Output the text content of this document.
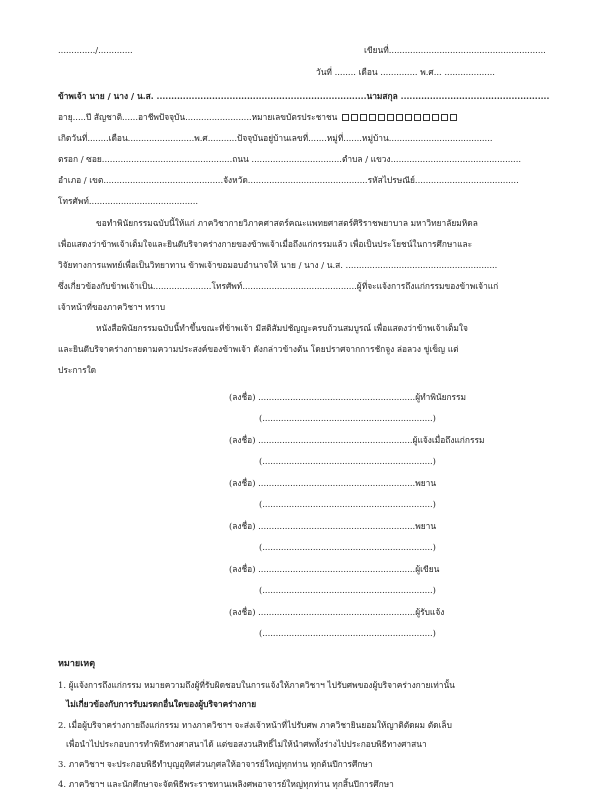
............../.............	เขียนที่...........................................................
วันที่ ........ เดือน .............. พ.ศ... ...................
ข้าพเจ้า นาย / นาง / น.ส. ........................................................................นามสกุล ...................................................
อายุ.....ปี สัญชาติ......อาชีพปัจจุบัน.........................หมายเลขบัตรประชาชน
เกิดวันที่........เดือน.........................พ.ศ...........ปัจจุบันอยู่บ้านเลขที่.......หมู่ที่.......หมู่บ้าน.......................................
ตรอก / ซอย.................................................ถนน ..................................ตำบล / แขวง.................................................
อำเภอ / เขต.............................................จังหวัด.............................................รหัสไปรษณีย์.......................................
โทรศัพท์.........................................
ขอทำพินัยกรรมฉบับนี้ให้แก่ ภาควิชากายวิภาคศาสตร์คณะแพทยศาสตร์ศิริราชพยาบาล มหาวิทยาลัยมหิดล
เพื่อแสดงว่าข้าพเจ้าเต็มใจและยินดีบริจาคร่างกายของข้าพเจ้าเมื่อถึงแก่กรรมแล้ว เพื่อเป็นประโยชน์ในการศึกษาและ
วิจัยทางการแพทย์เพื่อเป็นวิทยาทาน ข้าพเจ้าขอมอบอำนาจให้ นาย / นาง / น.ส. .........................................................
ซึ่งเกี่ยวข้องกับข้าพเจ้าเป็น......................โทรศัพท์...........................................ผู้ที่จะแจ้งการถึงแก่กรรมของข้าพเจ้าแก่
เจ้าหน้าที่ของภาควิชาฯ ทราบ
หนังสือพินัยกรรมฉบับนี้ทำขึ้นขณะที่ข้าพเจ้า มีสติสัมปชัญญะครบถ้วนสมบูรณ์ เพื่อแสดงว่าข้าพเจ้าเต็มใจ
และยินดีบริจาคร่างกายตามความประสงค์ของข้าพเจ้า ดังกล่าวข้างต้น โดยปราศจากการชักจูง ล่อลวง ขู่เข็ญ แต่
ประการใด
(ลงชื่อ) ...........................................................ผู้ทำพินัยกรรม
(................................................................)
(ลงชื่อ) ..........................................................ผู้แจ้งเมื่อถึงแก่กรรม
(................................................................)
(ลงชื่อ) ...........................................................พยาน
(................................................................)
(ลงชื่อ) ...........................................................พยาน
(................................................................)
(ลงชื่อ) ...........................................................ผู้เขียน
(................................................................)
(ลงชื่อ) ...........................................................ผู้รับแจ้ง
(................................................................)
หมายเหตุ
1. ผู้แจ้งการถึงแก่กรรม หมายความถึงผู้ที่รับผิดชอบในการแจ้งให้ภาควิชาฯ ไปรับศพของผู้บริจาคร่างกายเท่านั้น
ไม่เกี่ยวข้องกับการรับมรดกอื่นใดของผู้บริจาคร่างกาย
2. เมื่อผู้บริจาคร่างกายถึงแก่กรรม ทางภาควิชาฯ จะส่งเจ้าหน้าที่ไปรับศพ ภาควิชายินยอมให้ญาติตัดผม ตัดเล็บ
เพื่อนำไปประกอบการทำพิธีทางศาสนาได้ แต่ขอสงวนสิทธิ์ไม่ให้นำศพทั้งร่างไปประกอบพิธีทางศาสนา
3. ภาควิชาฯ จะประกอบพิธีทำบุญอุทิศส่วนกุศลให้อาจารย์ใหญ่ทุกท่าน ทุกต้นปีการศึกษา
4. ภาควิชาฯ และนักศึกษาจะจัดพิธีพระราชทานเพลิงศพอาจารย์ใหญ่ทุกท่าน ทุกสิ้นปีการศึกษา
